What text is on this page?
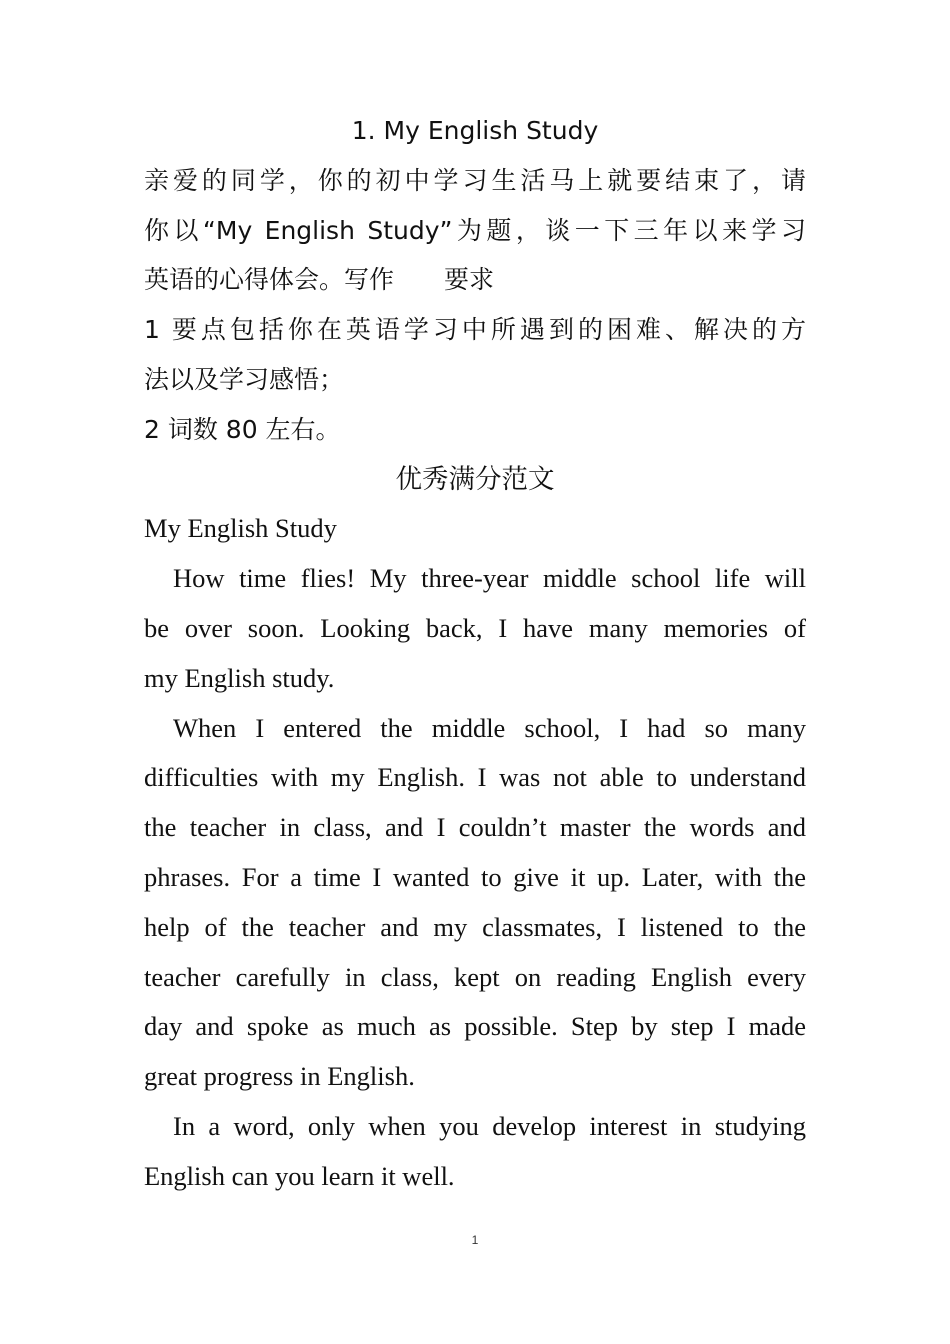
1. My English Study
亲爱的同学，你的初中学习生活马上就要结束了，请
你以“My English Study”为题，谈一下三年以来学习
英语的心得体会。写作　　要求
1 要点包括你在英语学习中所遇到的困难、解决的方
法以及学习感悟；
2 词数 80 左右。
优秀满分范文
My English Study
How time flies! My three-year middle school life will
be over soon. Looking back, I have many memories of
my English study.
When I entered the middle school, I had so many
difficulties with my English. I was not able to understand
the teacher in class, and I couldn’t master the words and
phrases. For a time I wanted to give it up. Later, with the
help of the teacher and my classmates, I listened to the
teacher carefully in class, kept on reading English every
day and spoke as much as possible. Step by step I made
great progress in English.
In a word, only when you develop interest in studying
English can you learn it well.
1
